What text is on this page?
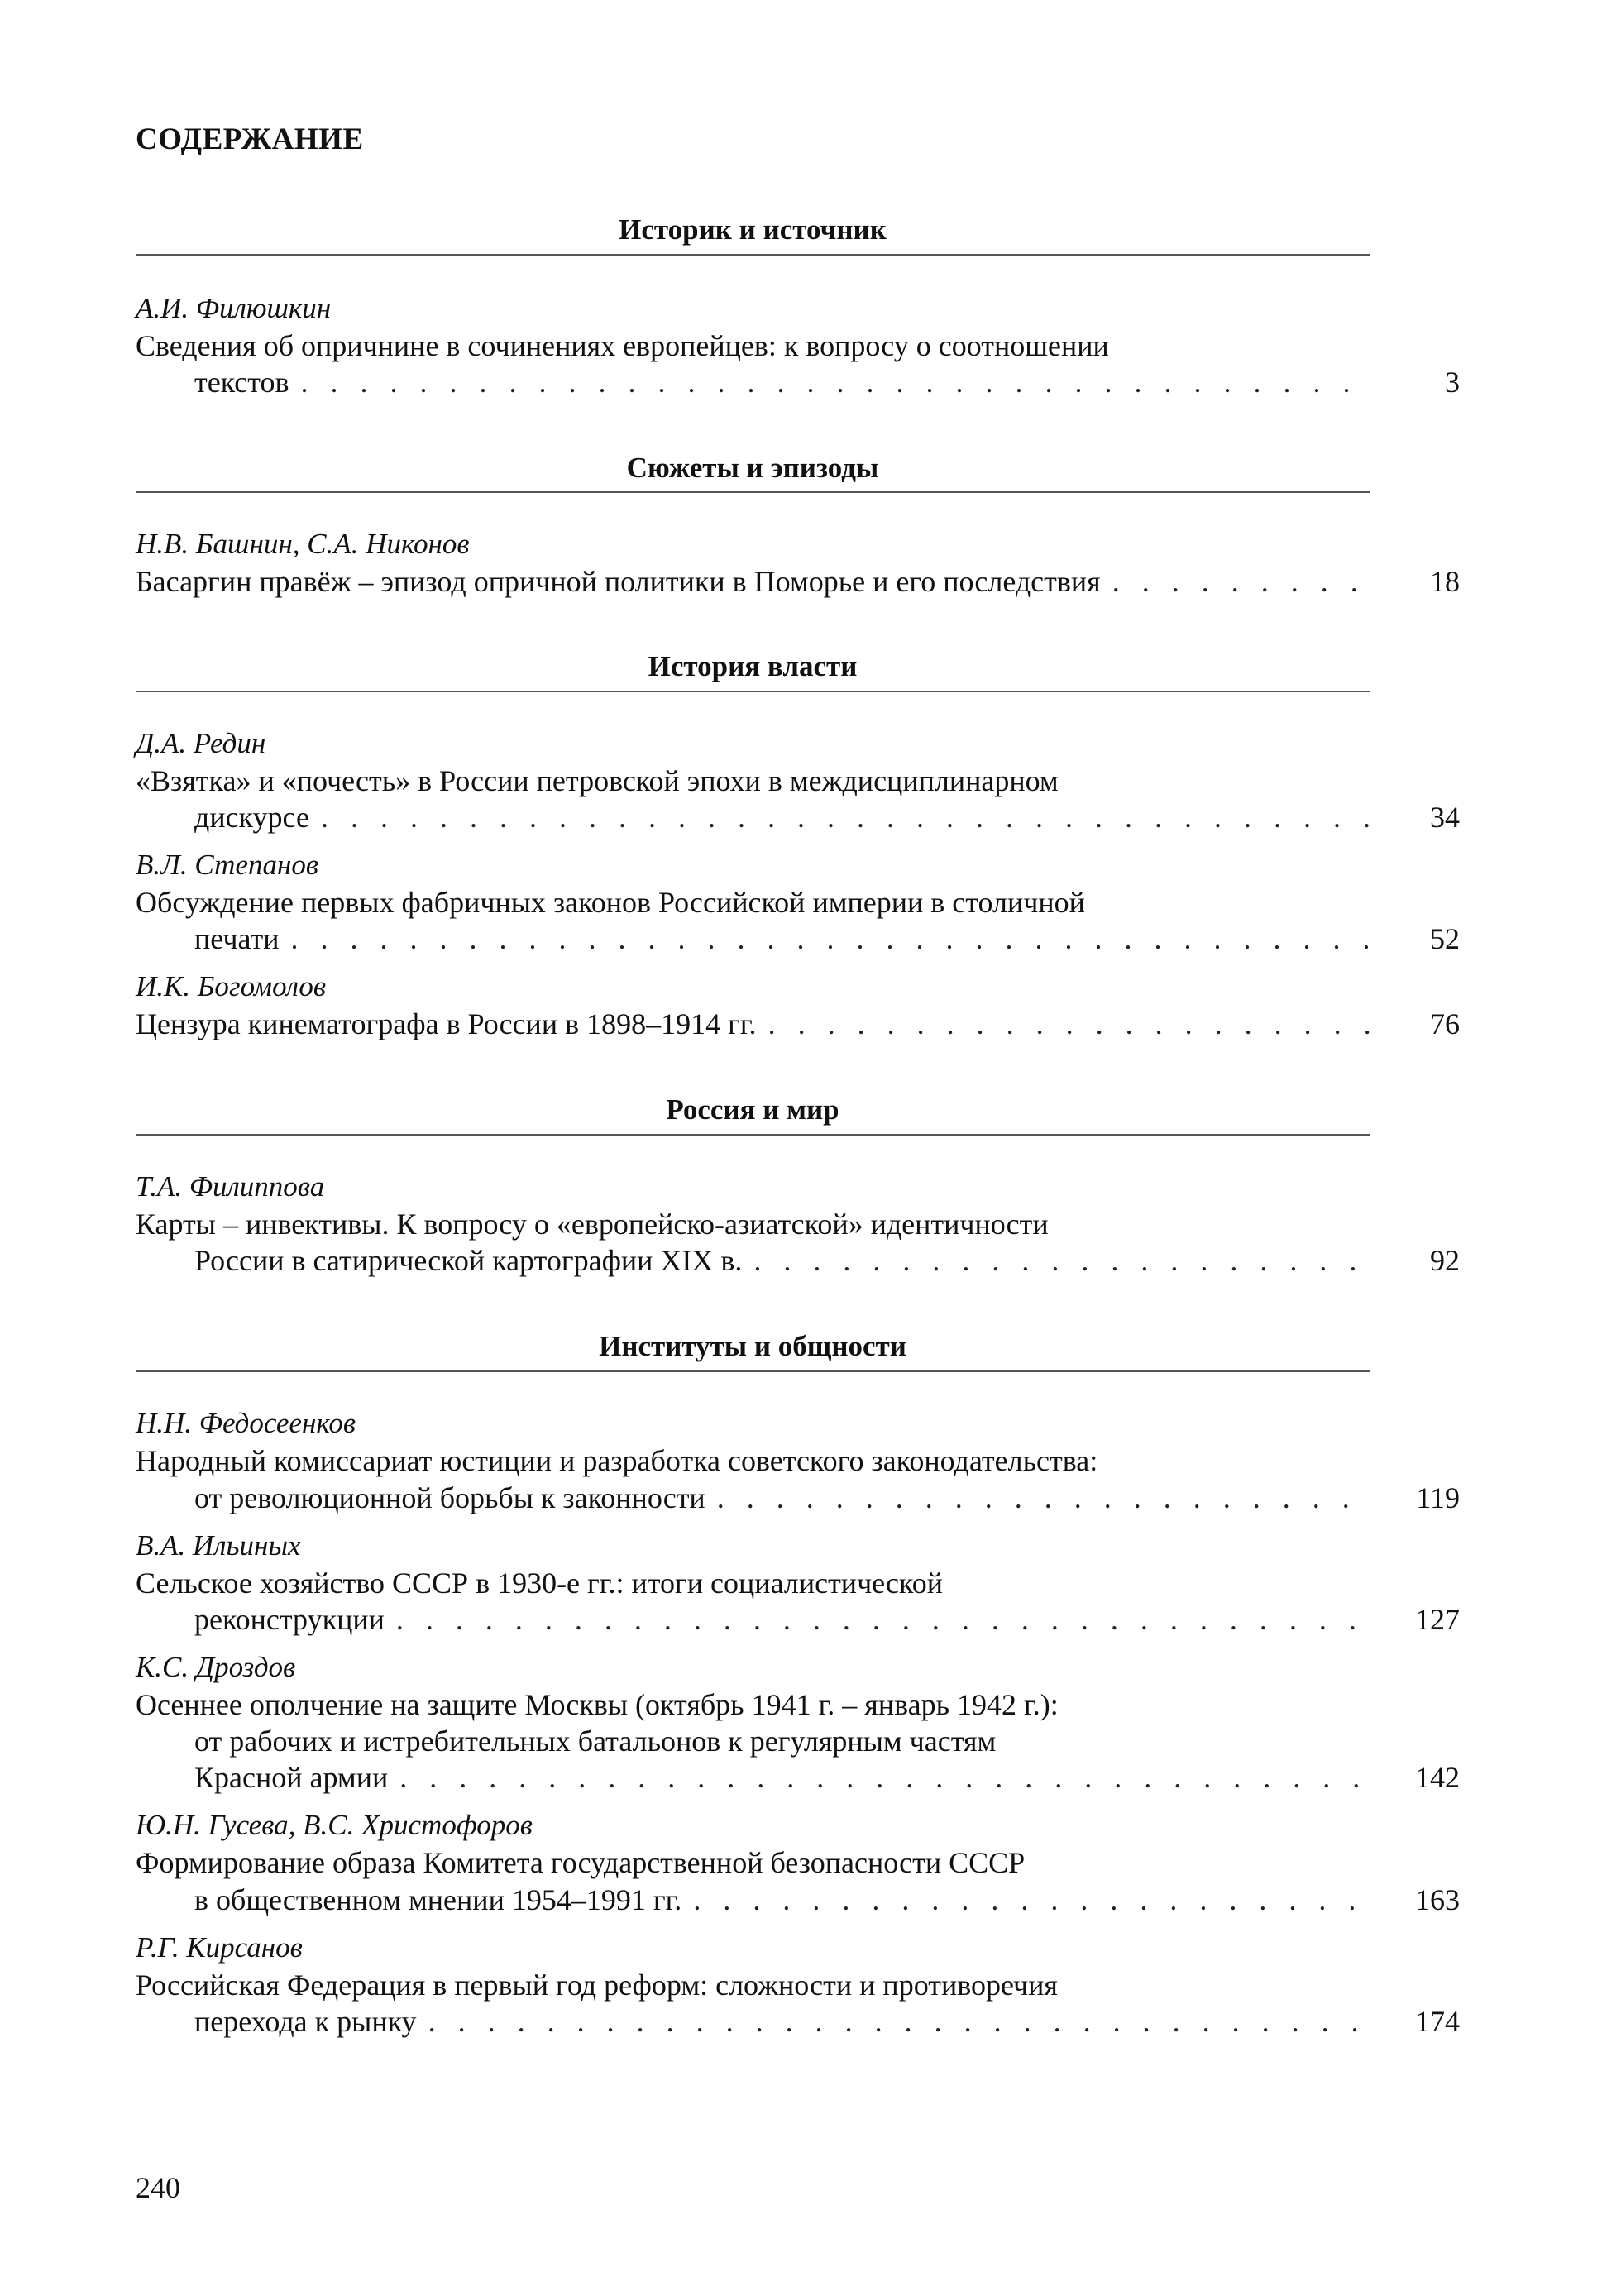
СОДЕРЖАНИЕ
Историк и источник
А.И. Филюшкин
Сведения об опричнине в сочинениях европейцев: к вопросу о соотношении
текстов . . .	3
Сюжеты и эпизоды
Н.В. Башнин, С.А. Никонов
Басаргин правёж – эпизод опричной политики в Поморье и его последствия . . .	18
История власти
Д.А. Редин
«Взятка» и «почесть» в России петровской эпохи в междисциплинарном
дискурсе . . .	34
В.Л. Степанов
Обсуждение первых фабричных законов Российской империи в столичной
печати . . .	52
И.К. Богомолов
Цензура кинематографа в России в 1898–1914 гг. . . .	76
Россия и мир
Т.А. Филиппова
Карты – инвективы. К вопросу о «европейско-азиатской» идентичности
России в сатирической картографии XIX в. . . .	92
Институты и общности
Н.Н. Федосеенков
Народный комиссариат юстиции и разработка советского законодательства:
от революционной борьбы к законности . . .	119
В.А. Ильиных
Сельское хозяйство СССР в 1930-е гг.: итоги социалистической
реконструкции . . .	127
К.С. Дроздов
Осеннее ополчение на защите Москвы (октябрь 1941 г. – январь 1942 г.):
от рабочих и истребительных батальонов к регулярным частям
Красной армии . . .	142
Ю.Н. Гусева, В.С. Христофоров
Формирование образа Комитета государственной безопасности СССР
в общественном мнении 1954–1991 гг. . . .	163
Р.Г. Кирсанов
Российская Федерация в первый год реформ: сложности и противоречия
перехода к рынку . . .	174
240
